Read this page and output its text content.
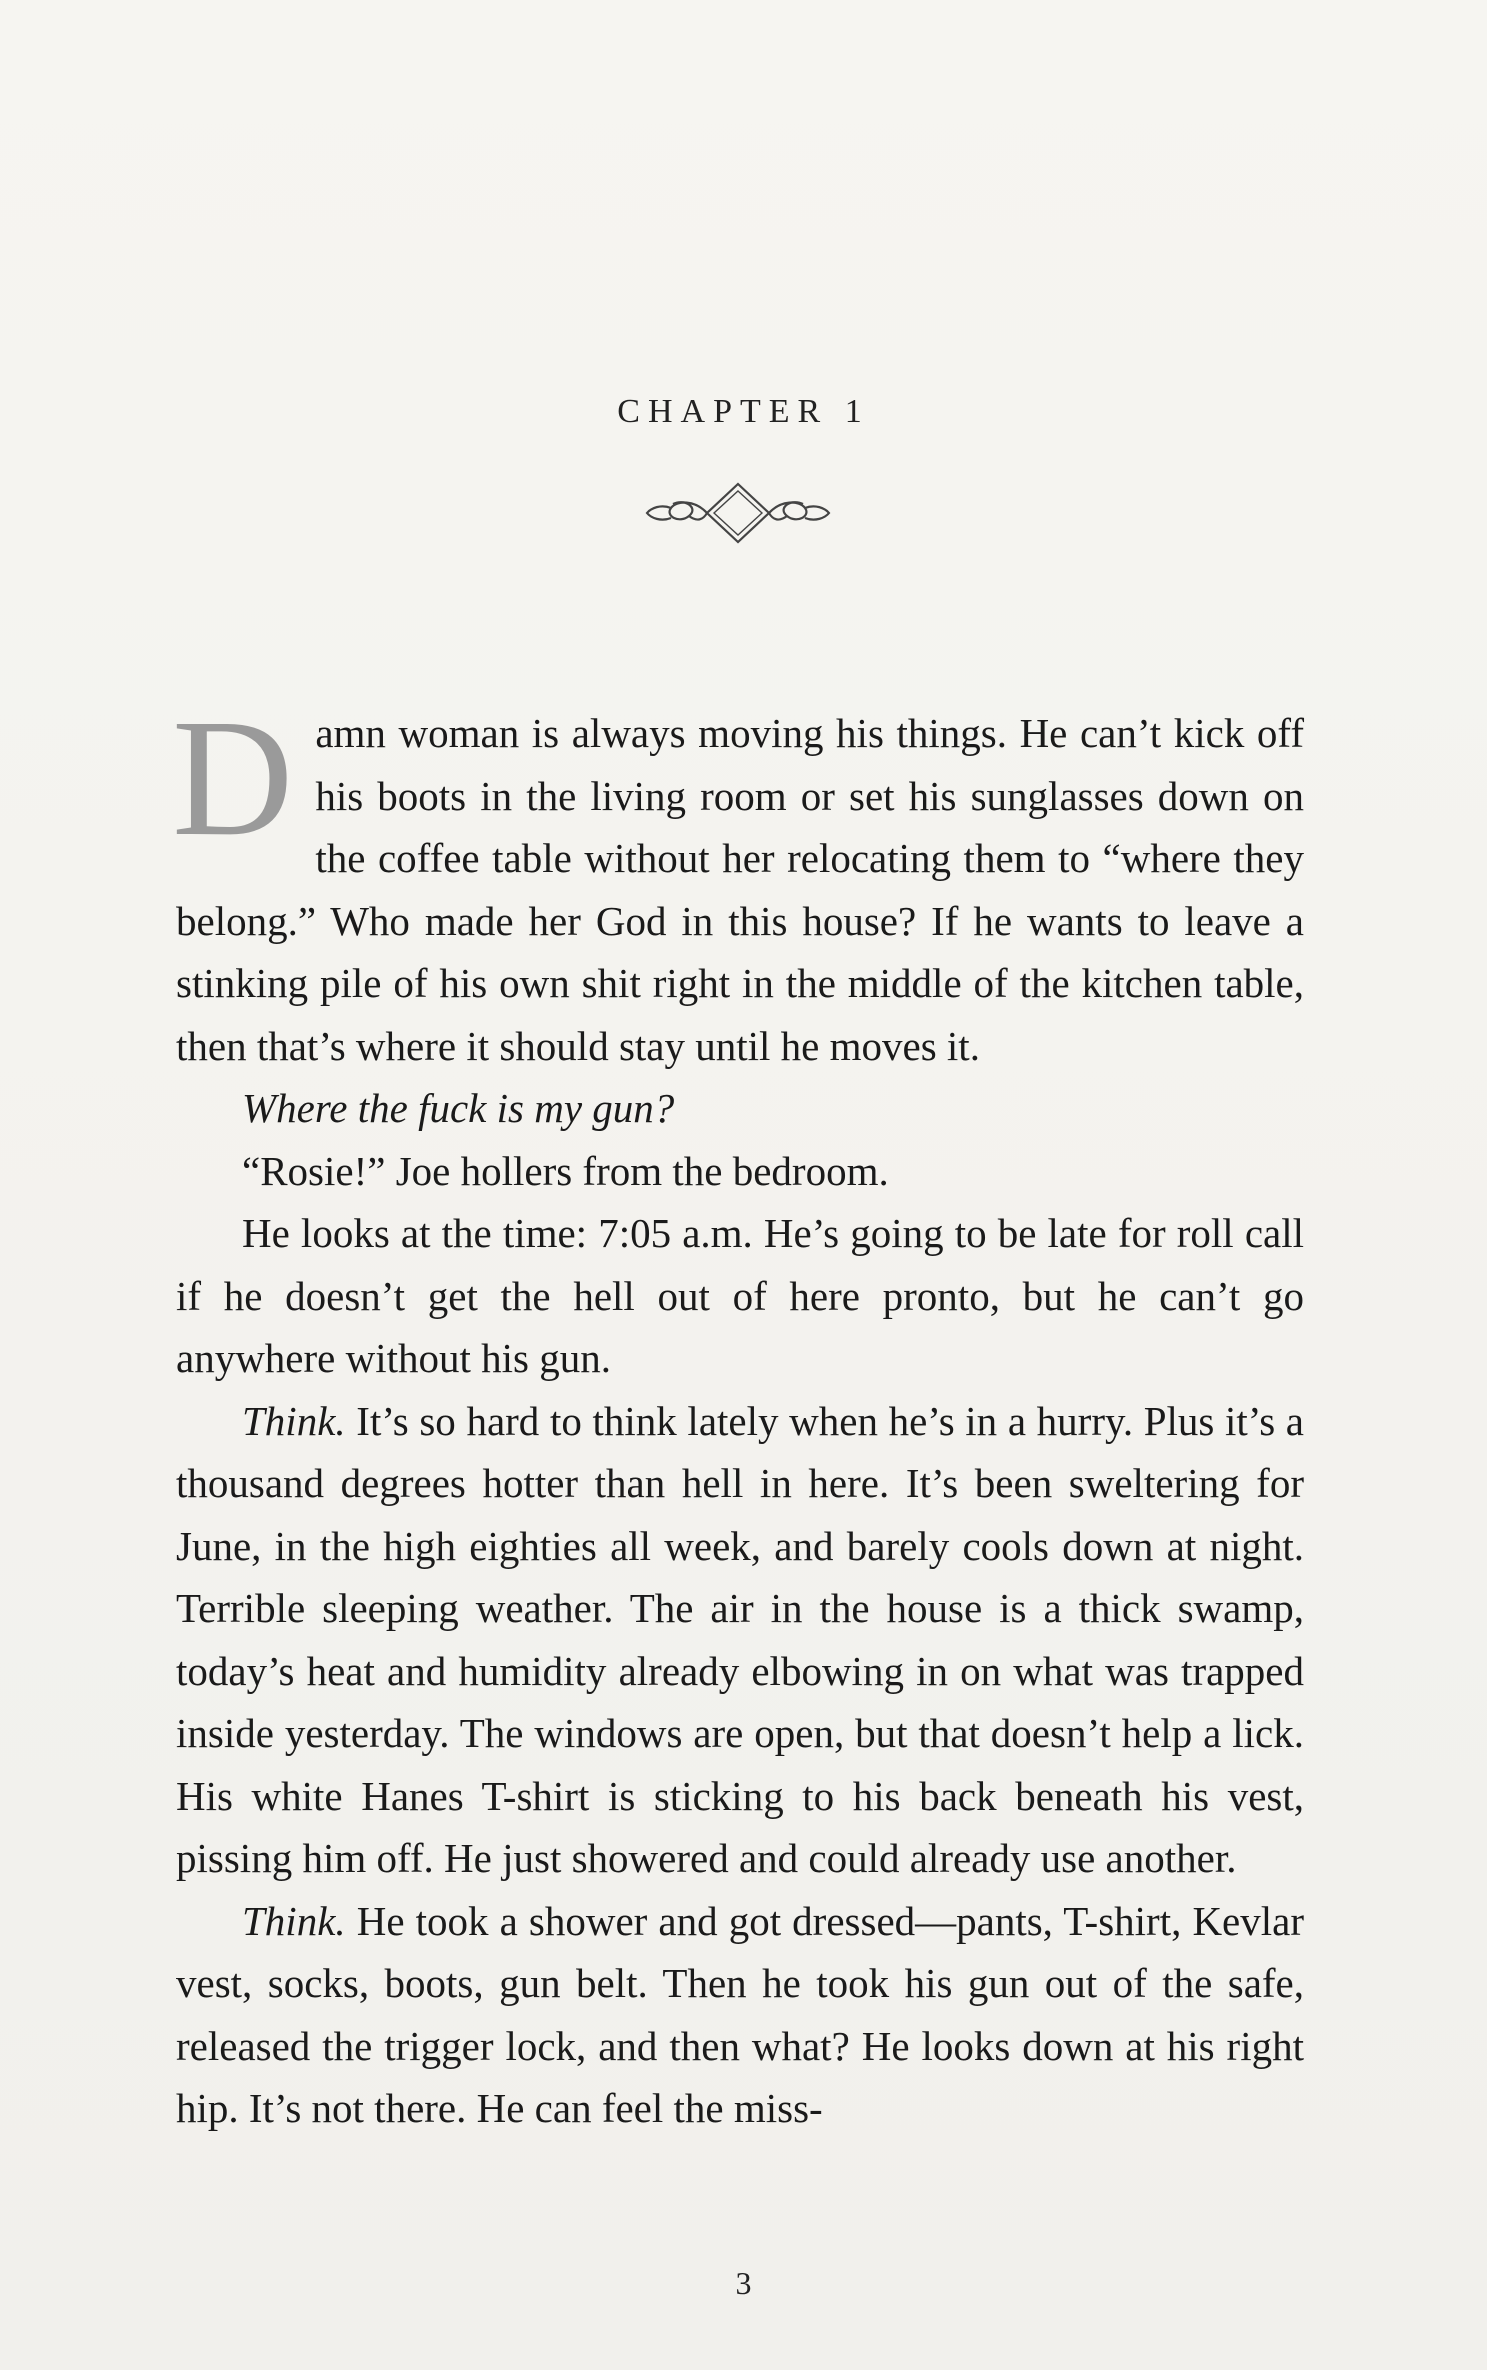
CHAPTER 1

Damn woman is always moving his things. He can’t kick off his boots in the living room or set his sunglasses down on the coffee table without her relocating them to “where they belong.” Who made her God in this house? If he wants to leave a stinking pile of his own shit right in the middle of the kitchen table, then that’s where it should stay until he moves it.

Where the fuck is my gun?

“Rosie!” Joe hollers from the bedroom.

He looks at the time: 7:05 a.m. He’s going to be late for roll call if he doesn’t get the hell out of here pronto, but he can’t go anywhere without his gun.

Think. It’s so hard to think lately when he’s in a hurry. Plus it’s a thousand degrees hotter than hell in here. It’s been sweltering for June, in the high eighties all week, and barely cools down at night. Terrible sleeping weather. The air in the house is a thick swamp, today’s heat and humidity already elbowing in on what was trapped inside yesterday. The windows are open, but that doesn’t help a lick. His white Hanes T-shirt is sticking to his back beneath his vest, pissing him off. He just showered and could already use another.

Think. He took a shower and got dressed—pants, T-shirt, Kevlar vest, socks, boots, gun belt. Then he took his gun out of the safe, released the trigger lock, and then what? He looks down at his right hip. It’s not there. He can feel the miss-

3
